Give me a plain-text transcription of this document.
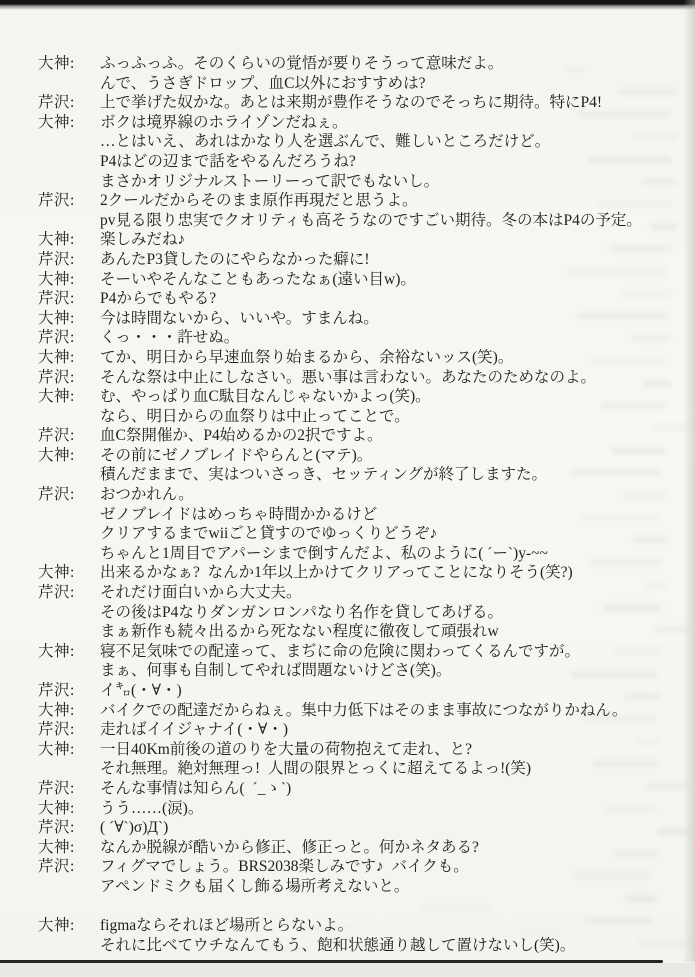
大神:	ふっふっふ。そのくらいの覚悟が要りそうって意味だよ。
んで、うさぎドロップ、血C以外におすすめは?
芹沢:	上で挙げた奴かな。あとは来期が豊作そうなのでそっちに期待。特にP4!
大神:	ボクは境界線のホライゾンだねぇ。
…とはいえ、あれはかなり人を選ぶんで、難しいところだけど。
P4はどの辺まで話をやるんだろうね?
まさかオリジナルストーリーって訳でもないし。
芹沢:	2クールだからそのまま原作再現だと思うよ。
pv見る限り忠実でクオリティも高そうなのですごい期待。冬の本はP4の予定。
大神:	楽しみだね♪
芹沢:	あんたP3貸したのにやらなかった癖に!
大神:	そーいやそんなこともあったなぁ(遠い目w)。
芹沢:	P4からでもやる?
大神:	今は時間ないから、いいや。すまんね。
芹沢:	くっ・・・許せぬ。
大神:	てか、明日から早速血祭り始まるから、余裕ないッス(笑)。
芹沢:	そんな祭は中止にしなさい。悪い事は言わない。あなたのためなのよ。
大神:	む、やっぱり血C駄目なんじゃないかよっ(笑)。
なら、明日からの血祭りは中止ってことで。
芹沢:	血C祭開催か、P4始めるかの2択ですよ。
大神:	その前にゼノブレイドやらんと(マテ)。
積んだままで、実はついさっき、セッティングが終了しますた。
芹沢:	おつかれん。
ゼノブレイドはめっちゃ時間かかるけど
クリアするまでwiiごと貸すのでゆっくりどうぞ♪
ちゃんと1周目でアパーシまで倒すんだよ、私のように( ´ー`)y-~~
大神:	出来るかなぁ?  なんか1年以上かけてクリアってことになりそう(笑?)
芹沢:	それだけ面白いから大丈夫。
その後はP4なりダンガンロンパなり名作を貸してあげる。
まぁ新作も続々出るから死なない程度に徹夜して頑張れw
大神:	寝不足気味での配達って、まぢに命の危険に関わってくるんですが。
まぁ、何事も自制してやれば問題ないけどさ(笑)。
芹沢:	イ㌔(・∀・)
大神:	バイクでの配達だからねぇ。集中力低下はそのまま事故につながりかねん。
芹沢:	走ればイイジャナイ(・∀・)
大神:	一日40Km前後の道のりを大量の荷物抱えて走れ、と?
それ無理。絶対無理っ!  人間の限界とっくに超えてるよっ!(笑)
芹沢:	そんな事情は知らん(  ´_ゝ`)
大神:	うう……(涙)。
芹沢:	( ´∀`)σ)Д`)
大神:	なんか脱線が酷いから修正、修正っと。何かネタある?
芹沢:	フィグマでしょう。BRS2038楽しみです♪  バイクも。
アペンドミクも届くし飾る場所考えないと。
大神:	figmaならそれほど場所とらないよ。
それに比べてウチなんてもう、飽和状態通り越して置けないし(笑)。
